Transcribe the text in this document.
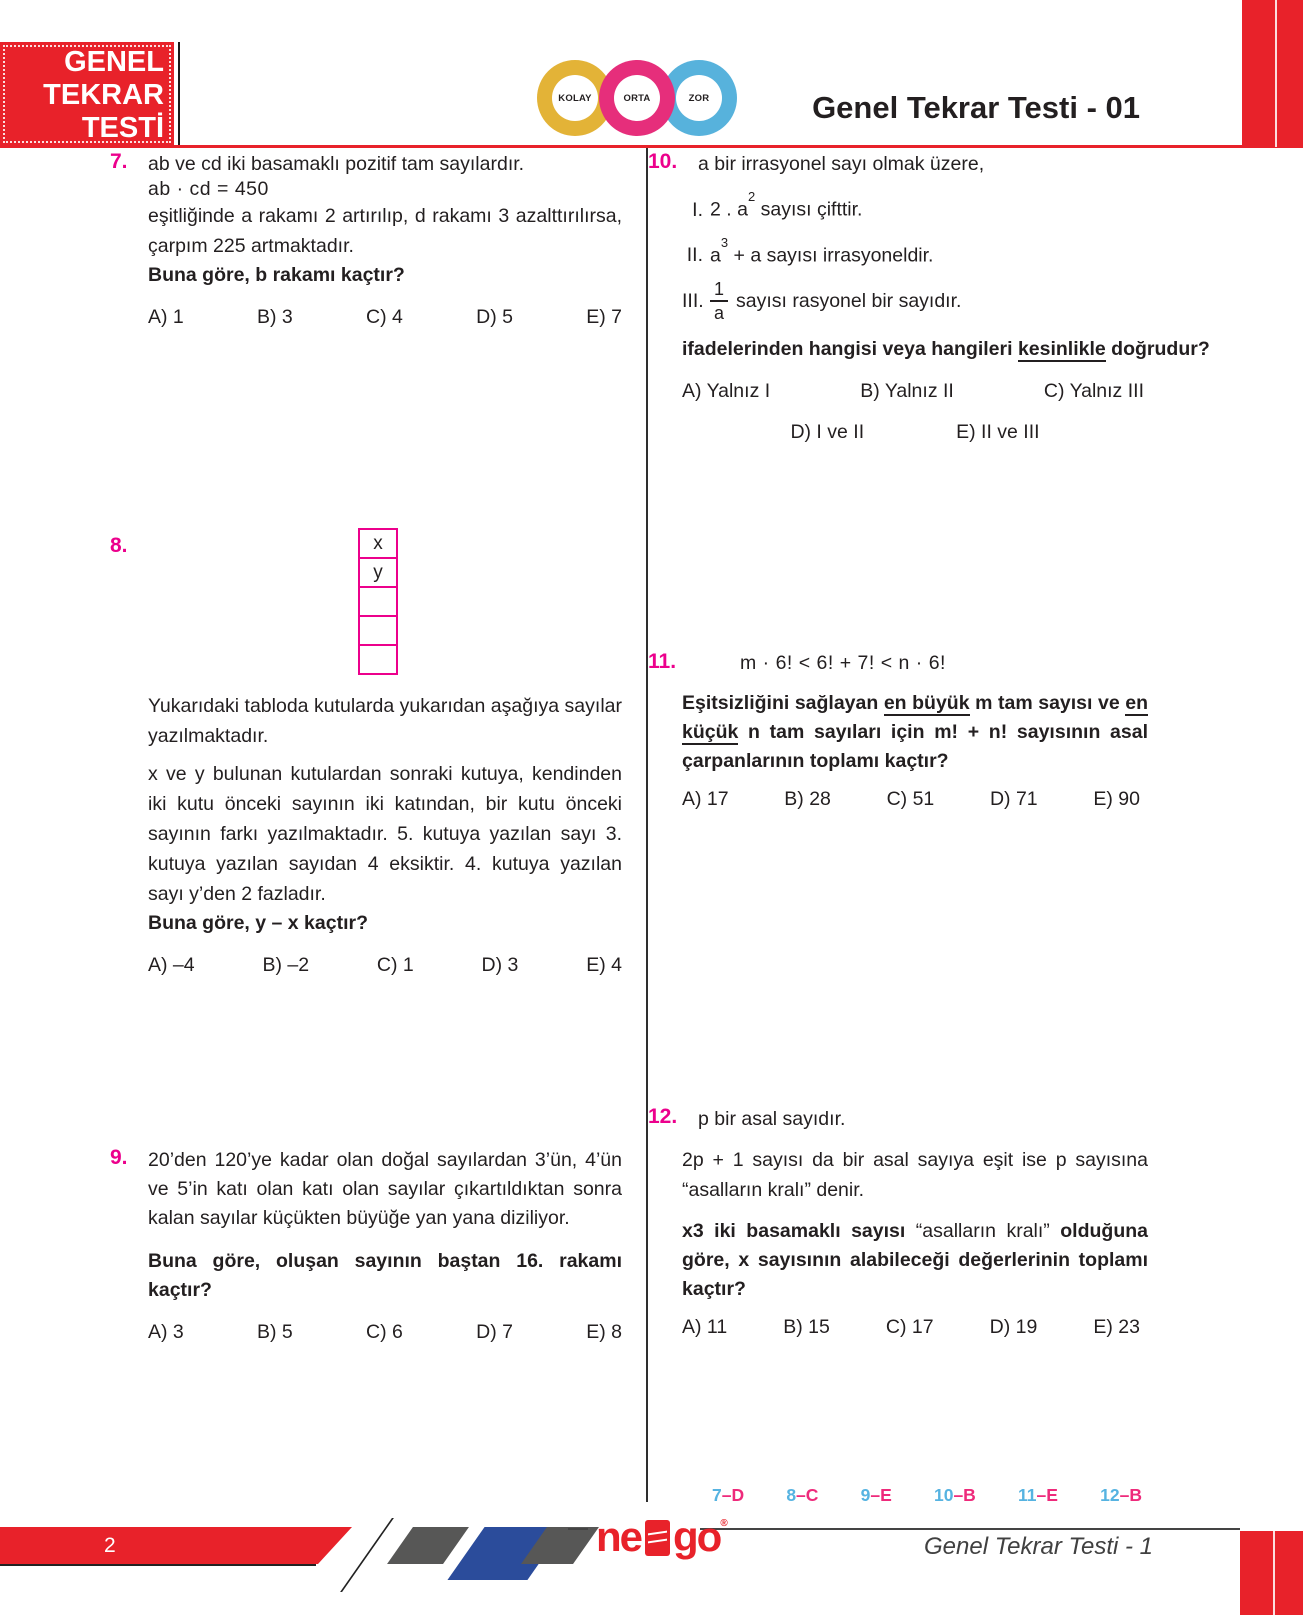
GENEL
TEKRAR
TESTİ
KOLAY	ORTA	ZOR	Genel Tekrar Testi - 01
7. ab ve cd iki basamaklı pozitif tam sayılardır.

ab · cd = 450

eşitliğinde a rakamı 2 artırılıp, d rakamı 3 azalttırılırsa, çarpım 225 artmaktadır.

Buna göre, b rakamı kaçtır?

A) 1	B) 3	C) 4	D) 5	E) 7
8.	x
y

Yukarıdaki tabloda kutularda yukarıdan aşağıya sayılar yazılmaktadır.

x ve y bulunan kutulardan sonraki kutuya, kendinden iki kutu önceki sayının iki katından, bir kutu önceki sayının farkı yazılmaktadır. 5. kutuya yazılan sayı 3. kutuya yazılan sayıdan 4 eksiktir. 4. kutuya yazılan sayı y’den 2 fazladır.

Buna göre, y – x kaçtır?

A) –4	B) –2	C) 1	D) 3	E) 4
9. 20’den 120’ye kadar olan doğal sayılardan 3’ün, 4’ün ve 5’in katı olan katı olan sayılar çıkartıldıktan sonra kalan sayılar küçükten büyüğe yan yana diziliyor.

Buna göre, oluşan sayının baştan 16. rakamı kaçtır?

A) 3	B) 5	C) 6	D) 7	E) 8
10.	a bir irrasyonel sayı olmak üzere,

I. 2 . $a^2$ sayısı çifttir.
II. $a^3 + a$ sayısı irrasyoneldir.
III. $\frac{1}{a}$ sayısı rasyonel bir sayıdır.

ifadelerinden hangisi veya hangileri kesinlikle doğrudur?

A) Yalnız I	B) Yalnız II	C) Yalnız III
D) I ve II	E) II ve III
11.	m · 6! < 6! + 7! < n · 6!

Eşitsizliğini sağlayan en büyük m tam sayısı ve en küçük n tam sayıları için m! + n! sayısının asal çarpanlarının toplamı kaçtır?

A) 17	B) 28	C) 51	D) 71	E) 90
12.	p bir asal sayıdır.

2p + 1 sayısı da bir asal sayıya eşit ise p sayısına “asalların kralı” denir.

x3 iki basamaklı sayısı “asalların kralı” olduğuna göre, x sayısının alabileceği değerlerinin toplamı kaçtır?

A) 11	B) 15	C) 17	D) 19	E) 23
7–D 8–C 9–E 10–B 11–E 12–B
2	ne go ®
Genel Tekrar Testi - 1
